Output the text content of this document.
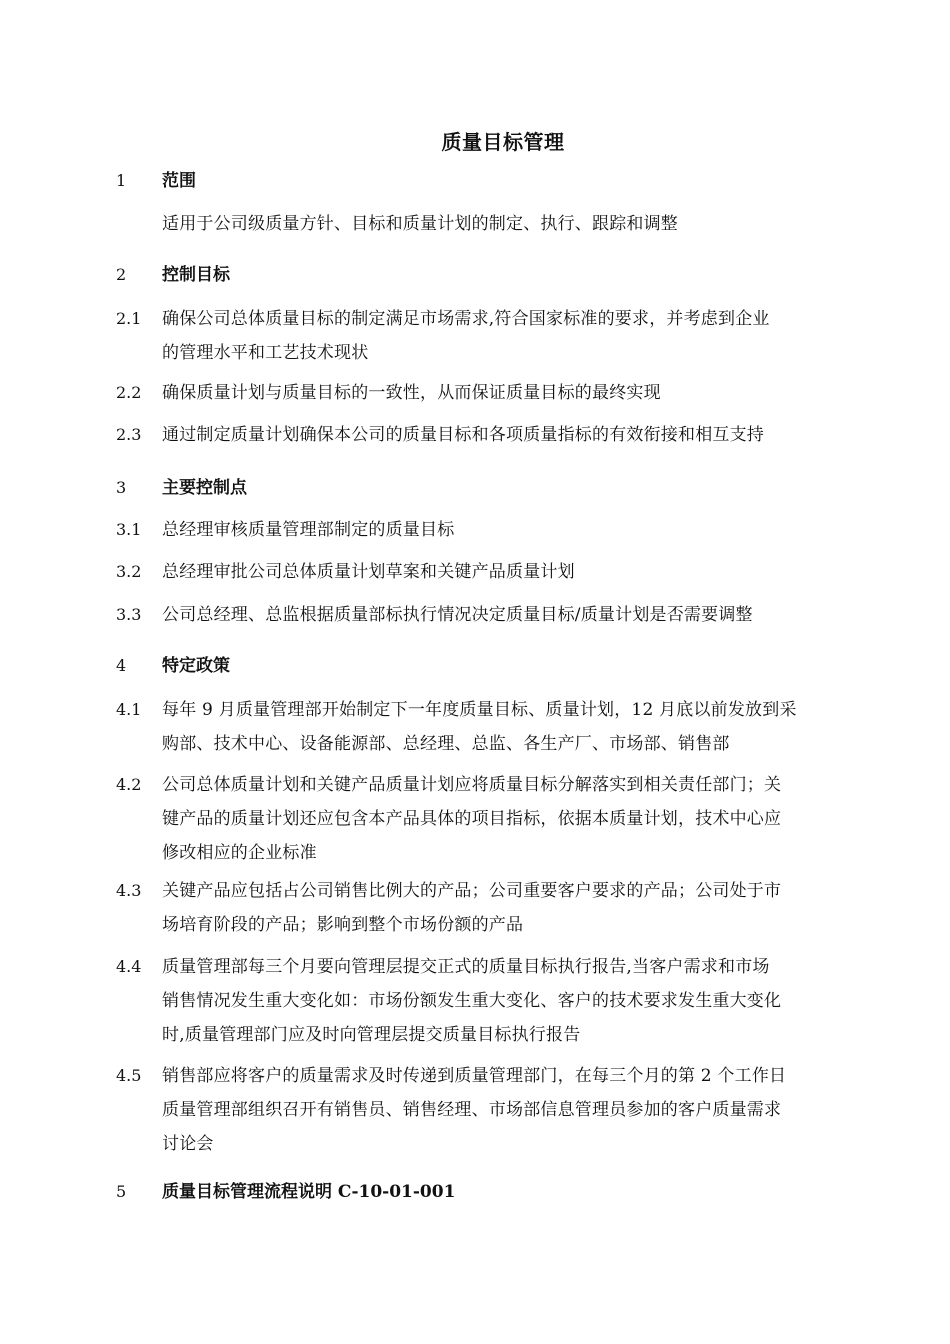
质量目标管理
1 范围
适用于公司级质量方针、目标和质量计划的制定、执行、跟踪和调整
2 控制目标
2.1 确保公司总体质量目标的制定满足市场需求,符合国家标准的要求，并考虑到企业
的管理水平和工艺技术现状
2.2 确保质量计划与质量目标的一致性，从而保证质量目标的最终实现
2.3 通过制定质量计划确保本公司的质量目标和各项质量指标的有效衔接和相互支持
3 主要控制点
3.1 总经理审核质量管理部制定的质量目标
3.2 总经理审批公司总体质量计划草案和关键产品质量计划
3.3 公司总经理、总监根据质量部标执行情况决定质量目标/质量计划是否需要调整
4 特定政策
4.1 每年 9 月质量管理部开始制定下一年度质量目标、质量计划，12 月底以前发放到采
购部、技术中心、设备能源部、总经理、总监、各生产厂、市场部、销售部
4.2 公司总体质量计划和关键产品质量计划应将质量目标分解落实到相关责任部门；关
键产品的质量计划还应包含本产品具体的项目指标，依据本质量计划，技术中心应
修改相应的企业标准
4.3 关键产品应包括占公司销售比例大的产品；公司重要客户要求的产品；公司处于市
场培育阶段的产品；影响到整个市场份额的产品
4.4 质量管理部每三个月要向管理层提交正式的质量目标执行报告,当客户需求和市场
销售情况发生重大变化如：市场份额发生重大变化、客户的技术要求发生重大变化
时,质量管理部门应及时向管理层提交质量目标执行报告
4.5 销售部应将客户的质量需求及时传递到质量管理部门，在每三个月的第 2 个工作日
质量管理部组织召开有销售员、销售经理、市场部信息管理员参加的客户质量需求
讨论会
5 质量目标管理流程说明 C-10-01-001
